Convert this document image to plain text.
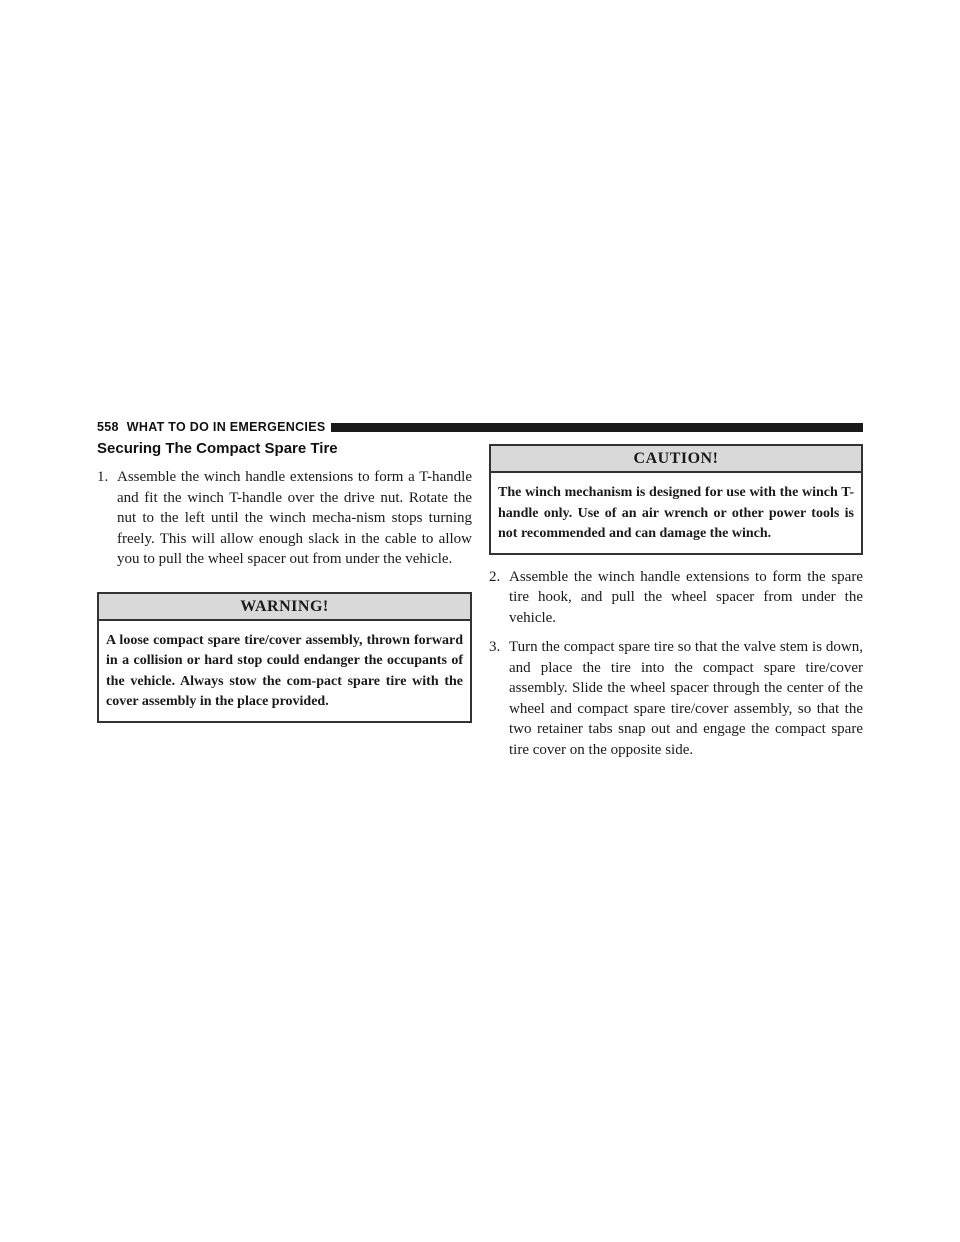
558 WHAT TO DO IN EMERGENCIES
Securing The Compact Spare Tire

1. Assemble the winch handle extensions to form a T-handle and fit the winch T-handle over the drive nut. Rotate the nut to the left until the winch mecha-nism stops turning freely. This will allow enough slack in the cable to allow you to pull the wheel spacer out from under the vehicle.

WARNING!
A loose compact spare tire/cover assembly, thrown forward in a collision or hard stop could endanger the occupants of the vehicle. Always stow the com-pact spare tire with the cover assembly in the place provided.
CAUTION!
The winch mechanism is designed for use with the winch T-handle only. Use of an air wrench or other power tools is not recommended and can damage the winch.

2. Assemble the winch handle extensions to form the spare tire hook, and pull the wheel spacer from under the vehicle.

3. Turn the compact spare tire so that the valve stem is down, and place the tire into the compact spare tire/cover assembly. Slide the wheel spacer through the center of the wheel and compact spare tire/cover assembly, so that the two retainer tabs snap out and engage the compact spare tire cover on the opposite side.
